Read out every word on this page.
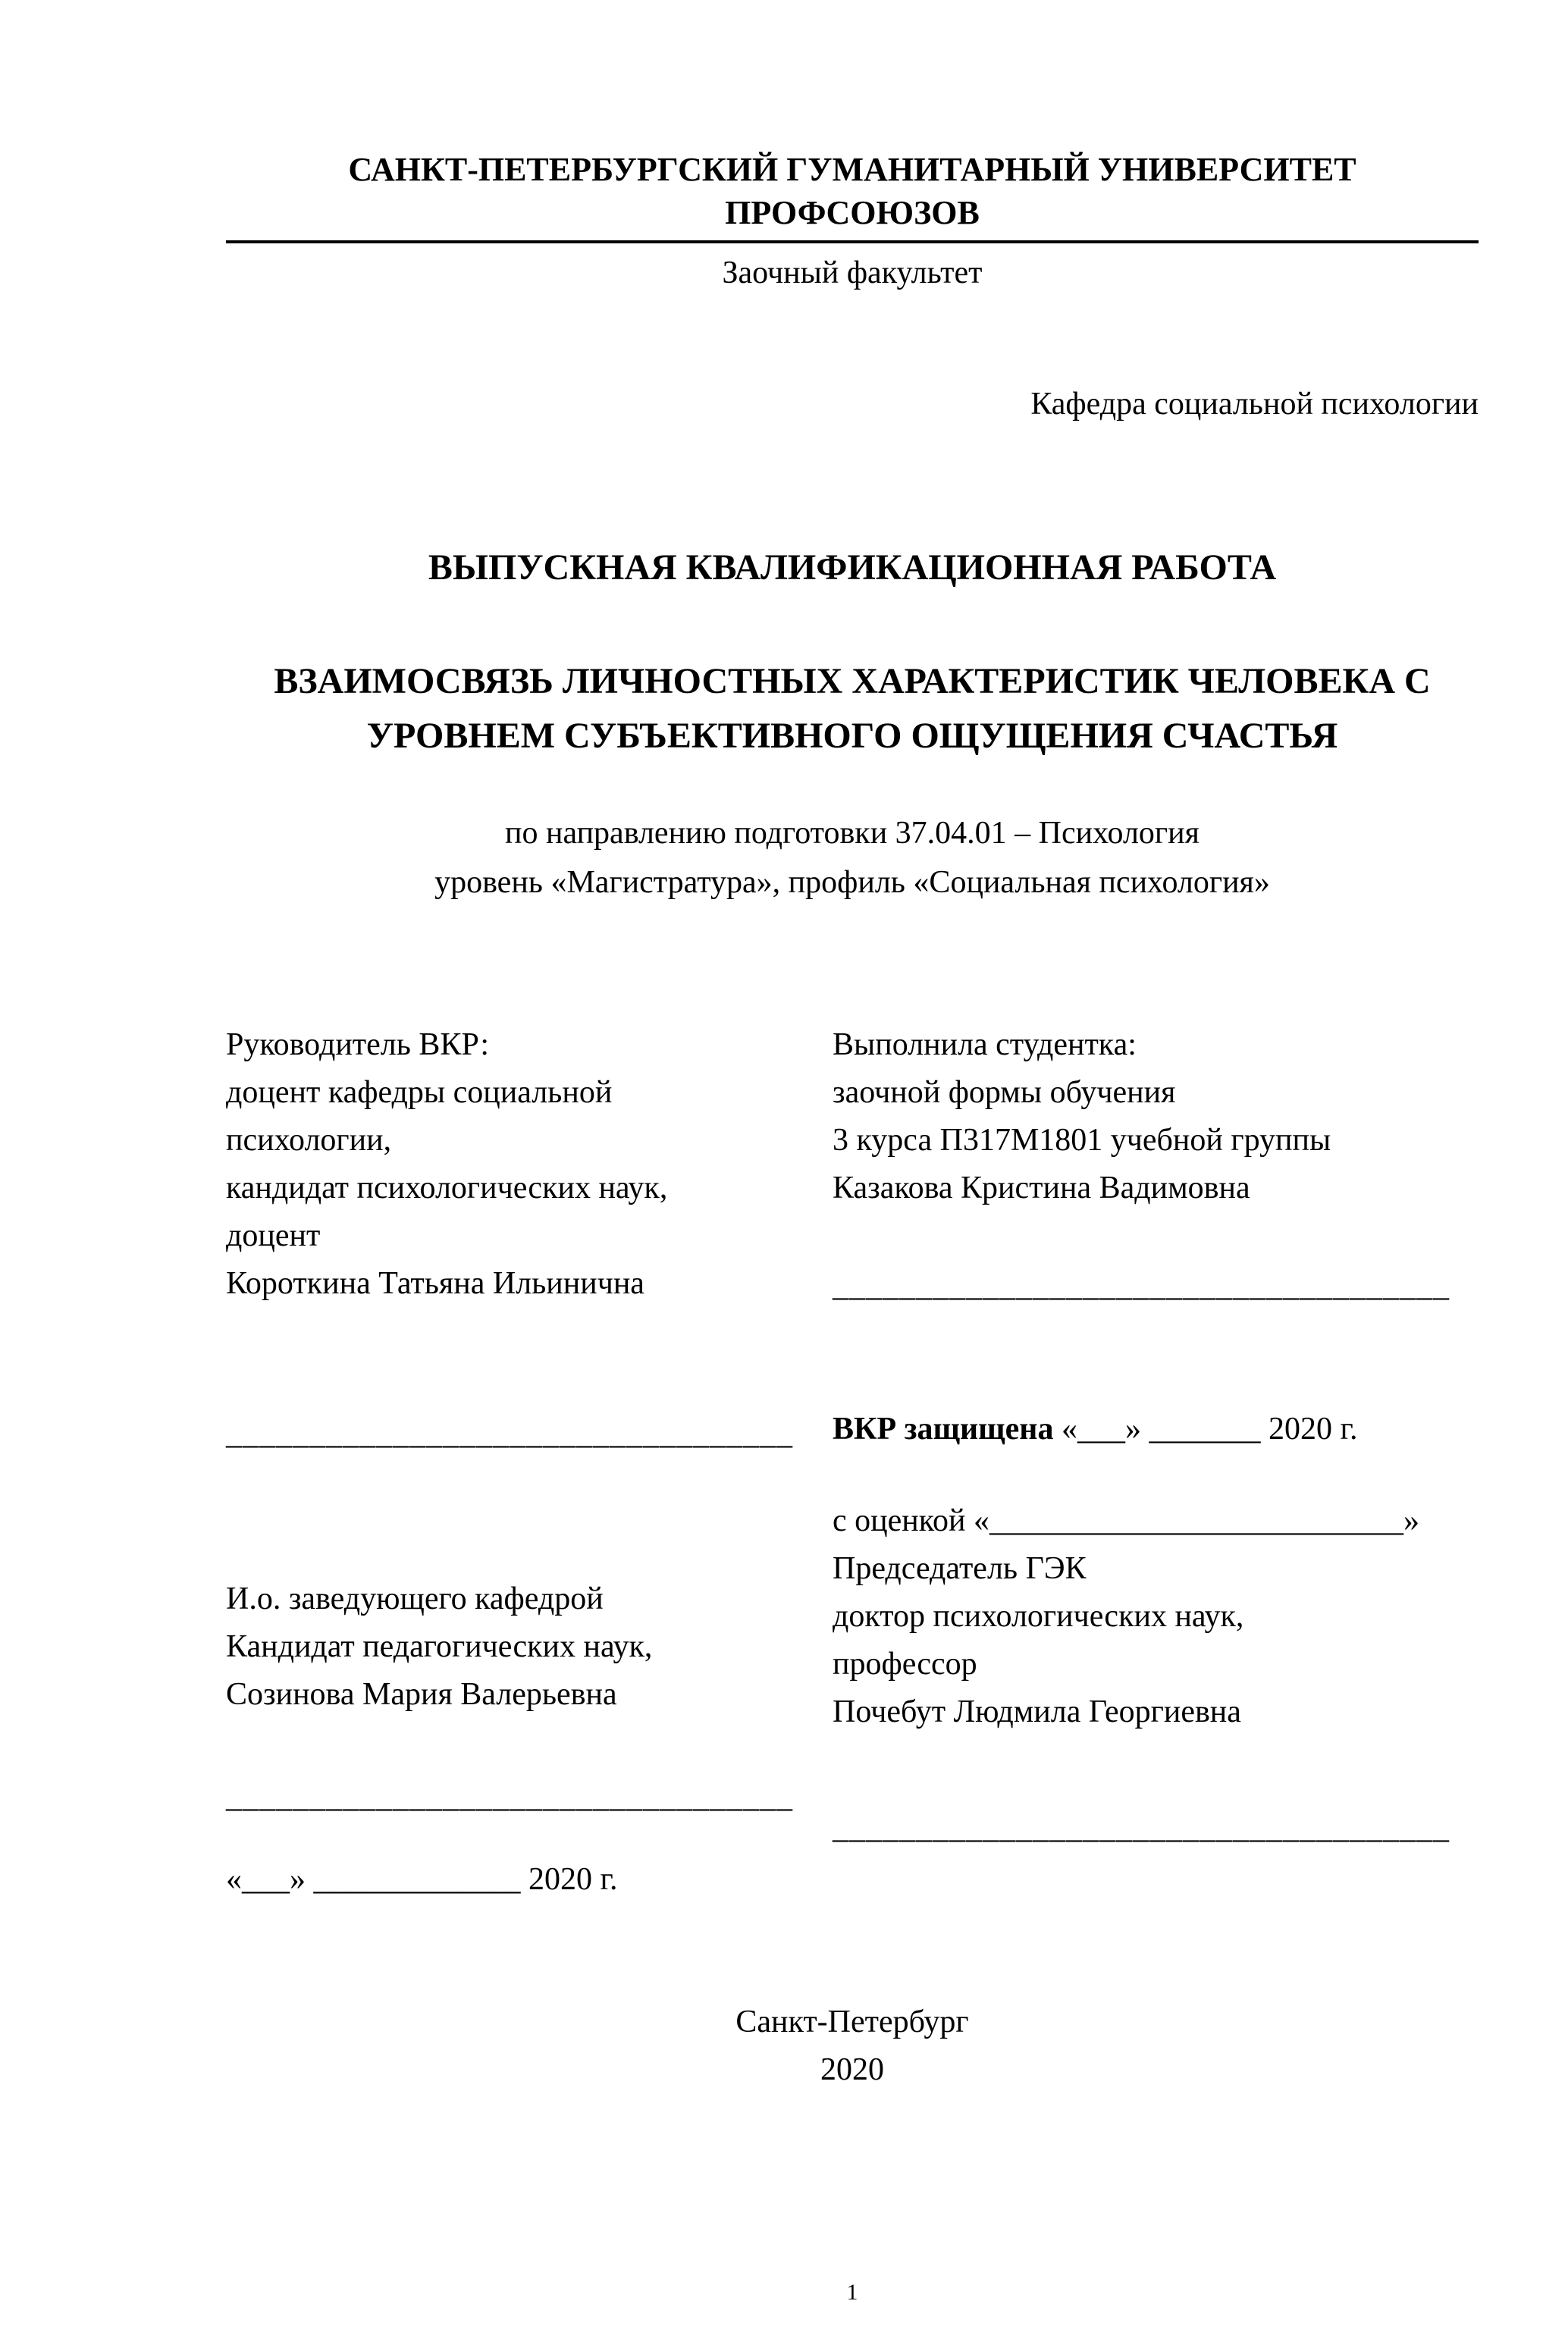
САНКТ-ПЕТЕРБУРГСКИЙ ГУМАНИТАРНЫЙ УНИВЕРСИТЕТ ПРОФСОЮЗОВ
Заочный факультет
Кафедра социальной психологии
ВЫПУСКНАЯ КВАЛИФИКАЦИОННАЯ РАБОТА
ВЗАИМОСВЯЗЬ ЛИЧНОСТНЫХ ХАРАКТЕРИСТИК ЧЕЛОВЕКА С
УРОВНЕМ СУБЪЕКТИВНОГО ОЩУЩЕНИЯ СЧАСТЬЯ
по направлению подготовки 37.04.01 – Психология
уровень «Магистратура», профиль «Социальная психология»
Руководитель ВКР:
доцент кафедры социальной
психологии,
кандидат психологических наук,
доцент
Короткина Татьяна Ильинична
__________________________________
И.о. заведующего кафедрой
Кандидат педагогических наук,
Созинова Мария Валерьевна
__________________________________
«___» _____________ 2020 г.
Выполнила студентка:
заочной формы обучения
3 курса П317М1801 учебной группы
Казакова Кристина Вадимовна
_____________________________________
ВКР защищена «___» _______ 2020 г.
с оценкой «__________________________»
Председатель ГЭК
доктор психологических наук,
профессор
Почебут Людмила Георгиевна
_____________________________________
Санкт-Петербург
2020
1
